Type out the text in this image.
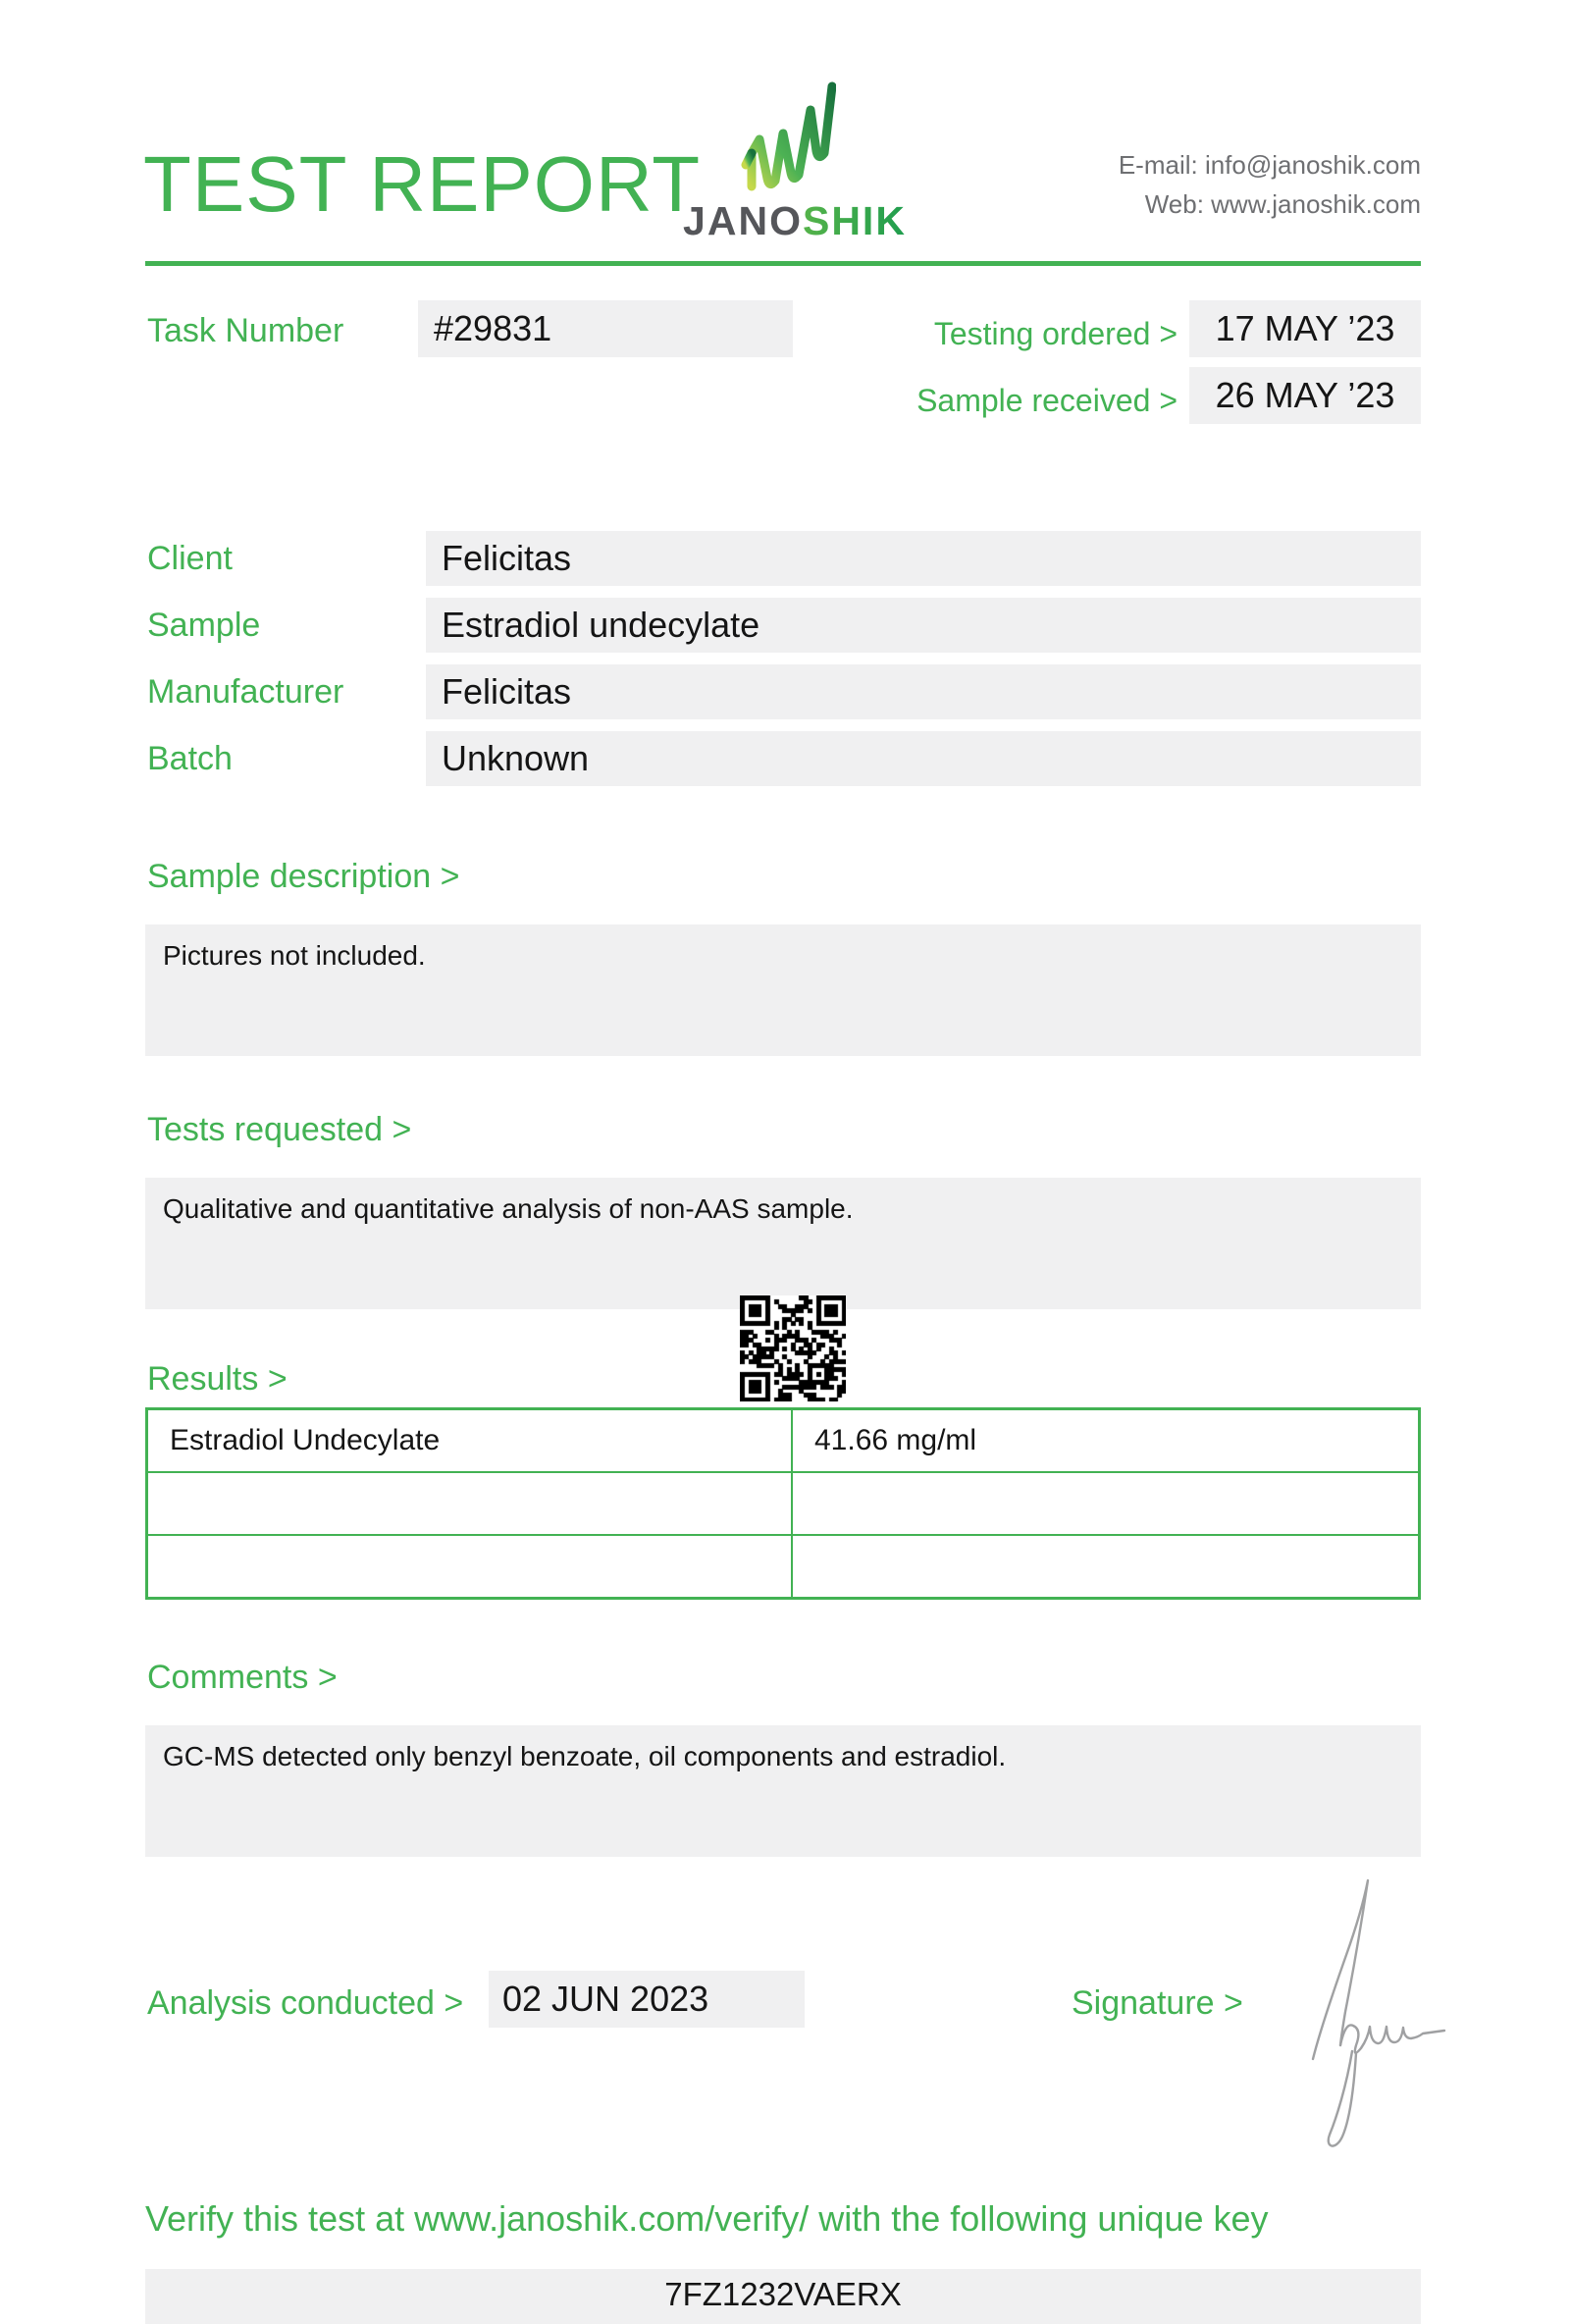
TEST REPORT
JANOSHIK
E-mail: info@janoshik.com
Web: www.janoshik.com
Task Number	#29831	Testing ordered >	17 MAY ’23
Sample received >	26 MAY ’23
Client	Felicitas
Sample	Estradiol undecylate
Manufacturer	Felicitas
Batch	Unknown
Sample description >
Pictures not included.
Tests requested >
Qualitative and quantitative analysis of non-AAS sample.
Results >
Estradiol Undecylate	41.66 mg/ml
Comments >
GC-MS detected only benzyl benzoate, oil components and estradiol.
Analysis conducted >	02 JUN 2023	Signature >
Verify this test at www.janoshik.com/verify/ with the following unique key
7FZ1232VAERX
